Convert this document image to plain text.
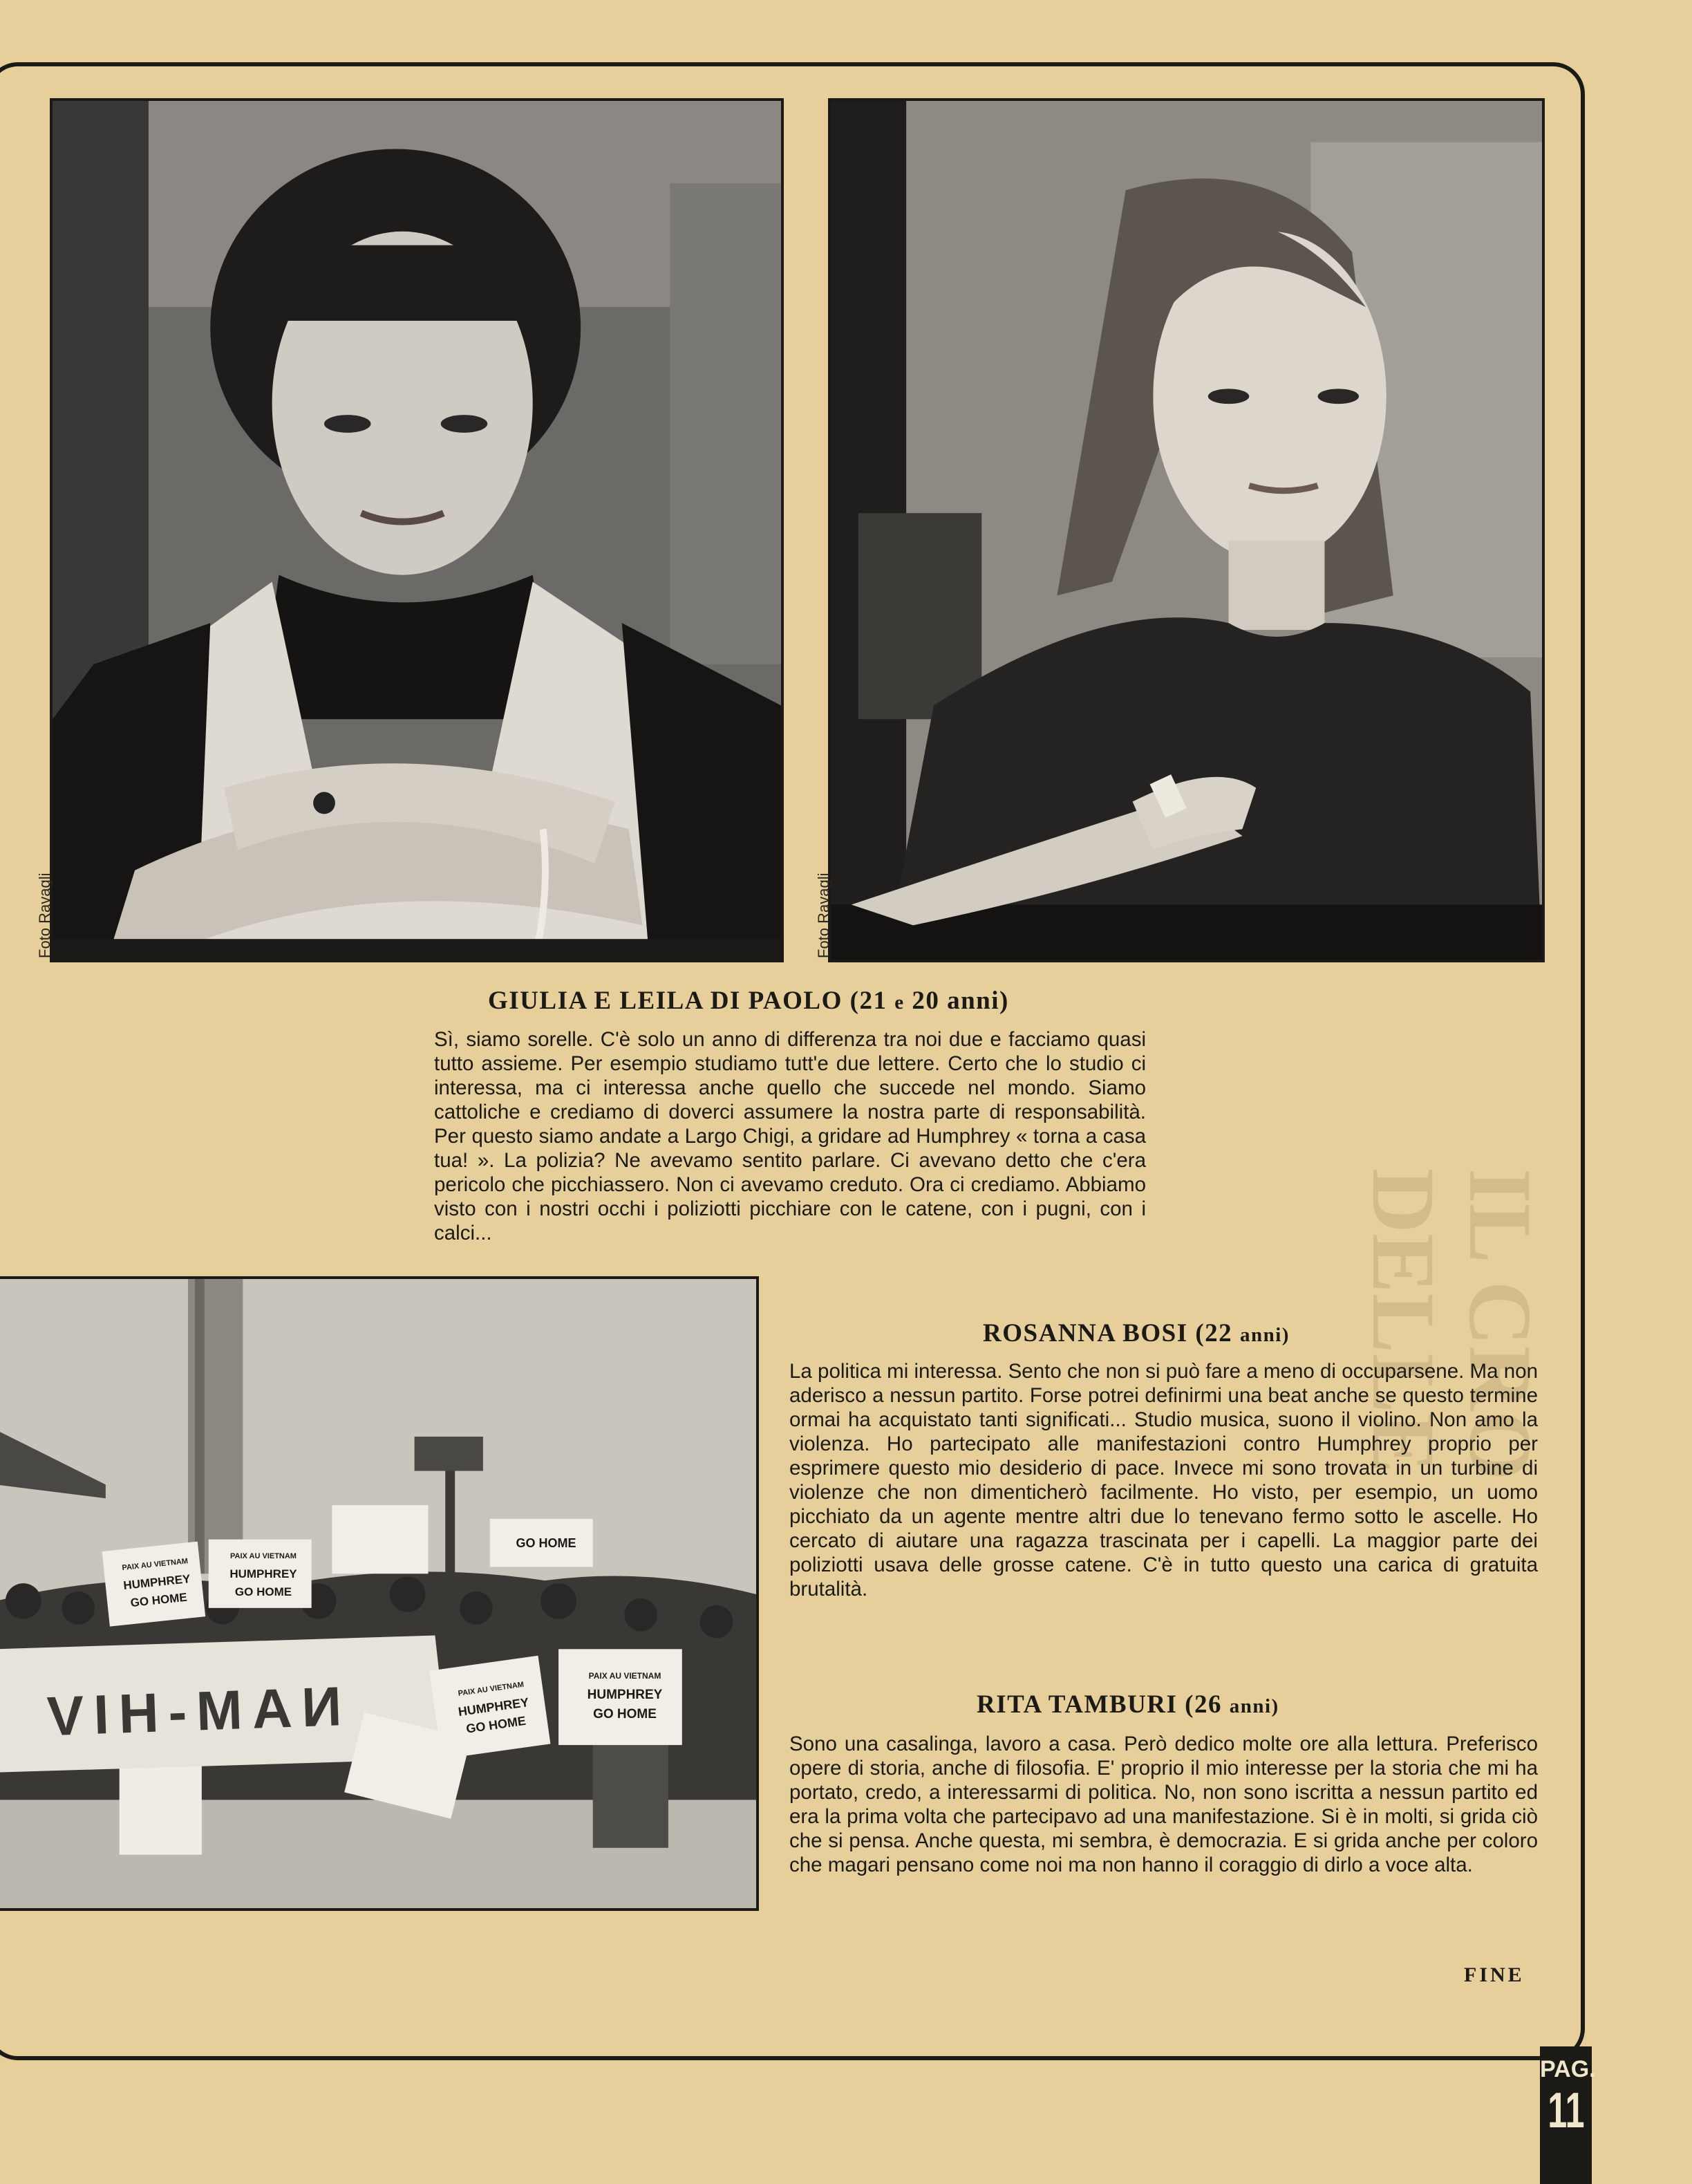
IL CRO
DELLE
Foto Ravagli	Foto Ravagli
GIULIA E LEILA DI PAOLO (21 e 20 anni)

Sì, siamo sorelle. C'è solo un anno di differenza tra noi due e facciamo quasi tutto assieme. Per esempio studiamo tutt'e due lettere. Certo che lo studio ci interessa, ma ci interessa anche quello che succede nel mondo. Siamo cattoliche e crediamo di doverci assumere la nostra parte di responsabilità. Per questo siamo andate a Largo Chigi, a gridare ad Humphrey « torna a casa tua! ». La polizia? Ne avevamo sentito parlare. Ci avevano detto che c'era pericolo che picchiassero. Non ci avevamo creduto. Ora ci crediamo. Abbiamo visto con i nostri occhi i poliziotti picchiare con le catene, con i pugni, con i calci...

PAIX AU VIETNAM
HUMPHREY
GO HOME
PAIX AU VIETNAM
HUMPHREY
GO HOME
GO HOME
PAIX AU VIETNAM
HUMPHREY
GO HOME
PAIX AU VIETNAM
HUMPHREY
GO HOME
NAM-HIV
ROSANNA BOSI (22 anni)

La politica mi interessa. Sento che non si può fare a meno di occuparsene. Ma non aderisco a nessun partito. Forse potrei definirmi una beat anche se questo termine ormai ha acquistato tanti significati... Studio musica, suono il violino. Non amo la violenza. Ho partecipato alle manifestazioni contro Humphrey proprio per esprimere questo mio desiderio di pace. Invece mi sono trovata in un turbine di violenze che non dimenticherò facilmente. Ho visto, per esempio, un uomo picchiato da un agente mentre altri due lo tenevano fermo sotto le ascelle. Ho cercato di aiutare una ragazza trascinata per i capelli. La maggior parte dei poliziotti usava delle grosse catene. C'è in tutto questo una carica di gratuita brutalità.

RITA TAMBURI (26 anni)

Sono una casalinga, lavoro a casa. Però dedico molte ore alla lettura. Preferisco opere di storia, anche di filosofia. E' proprio il mio interesse per la storia che mi ha portato, credo, a interessarmi di politica. No, non sono iscritta a nessun partito ed era la prima volta che partecipavo ad una manifestazione. Si è in molti, si grida ciò che si pensa. Anche questa, mi sembra, è democrazia. E si grida anche per coloro che magari pensano come noi ma non hanno il coraggio di dirlo a voce alta.

FINE
PAG.
11
